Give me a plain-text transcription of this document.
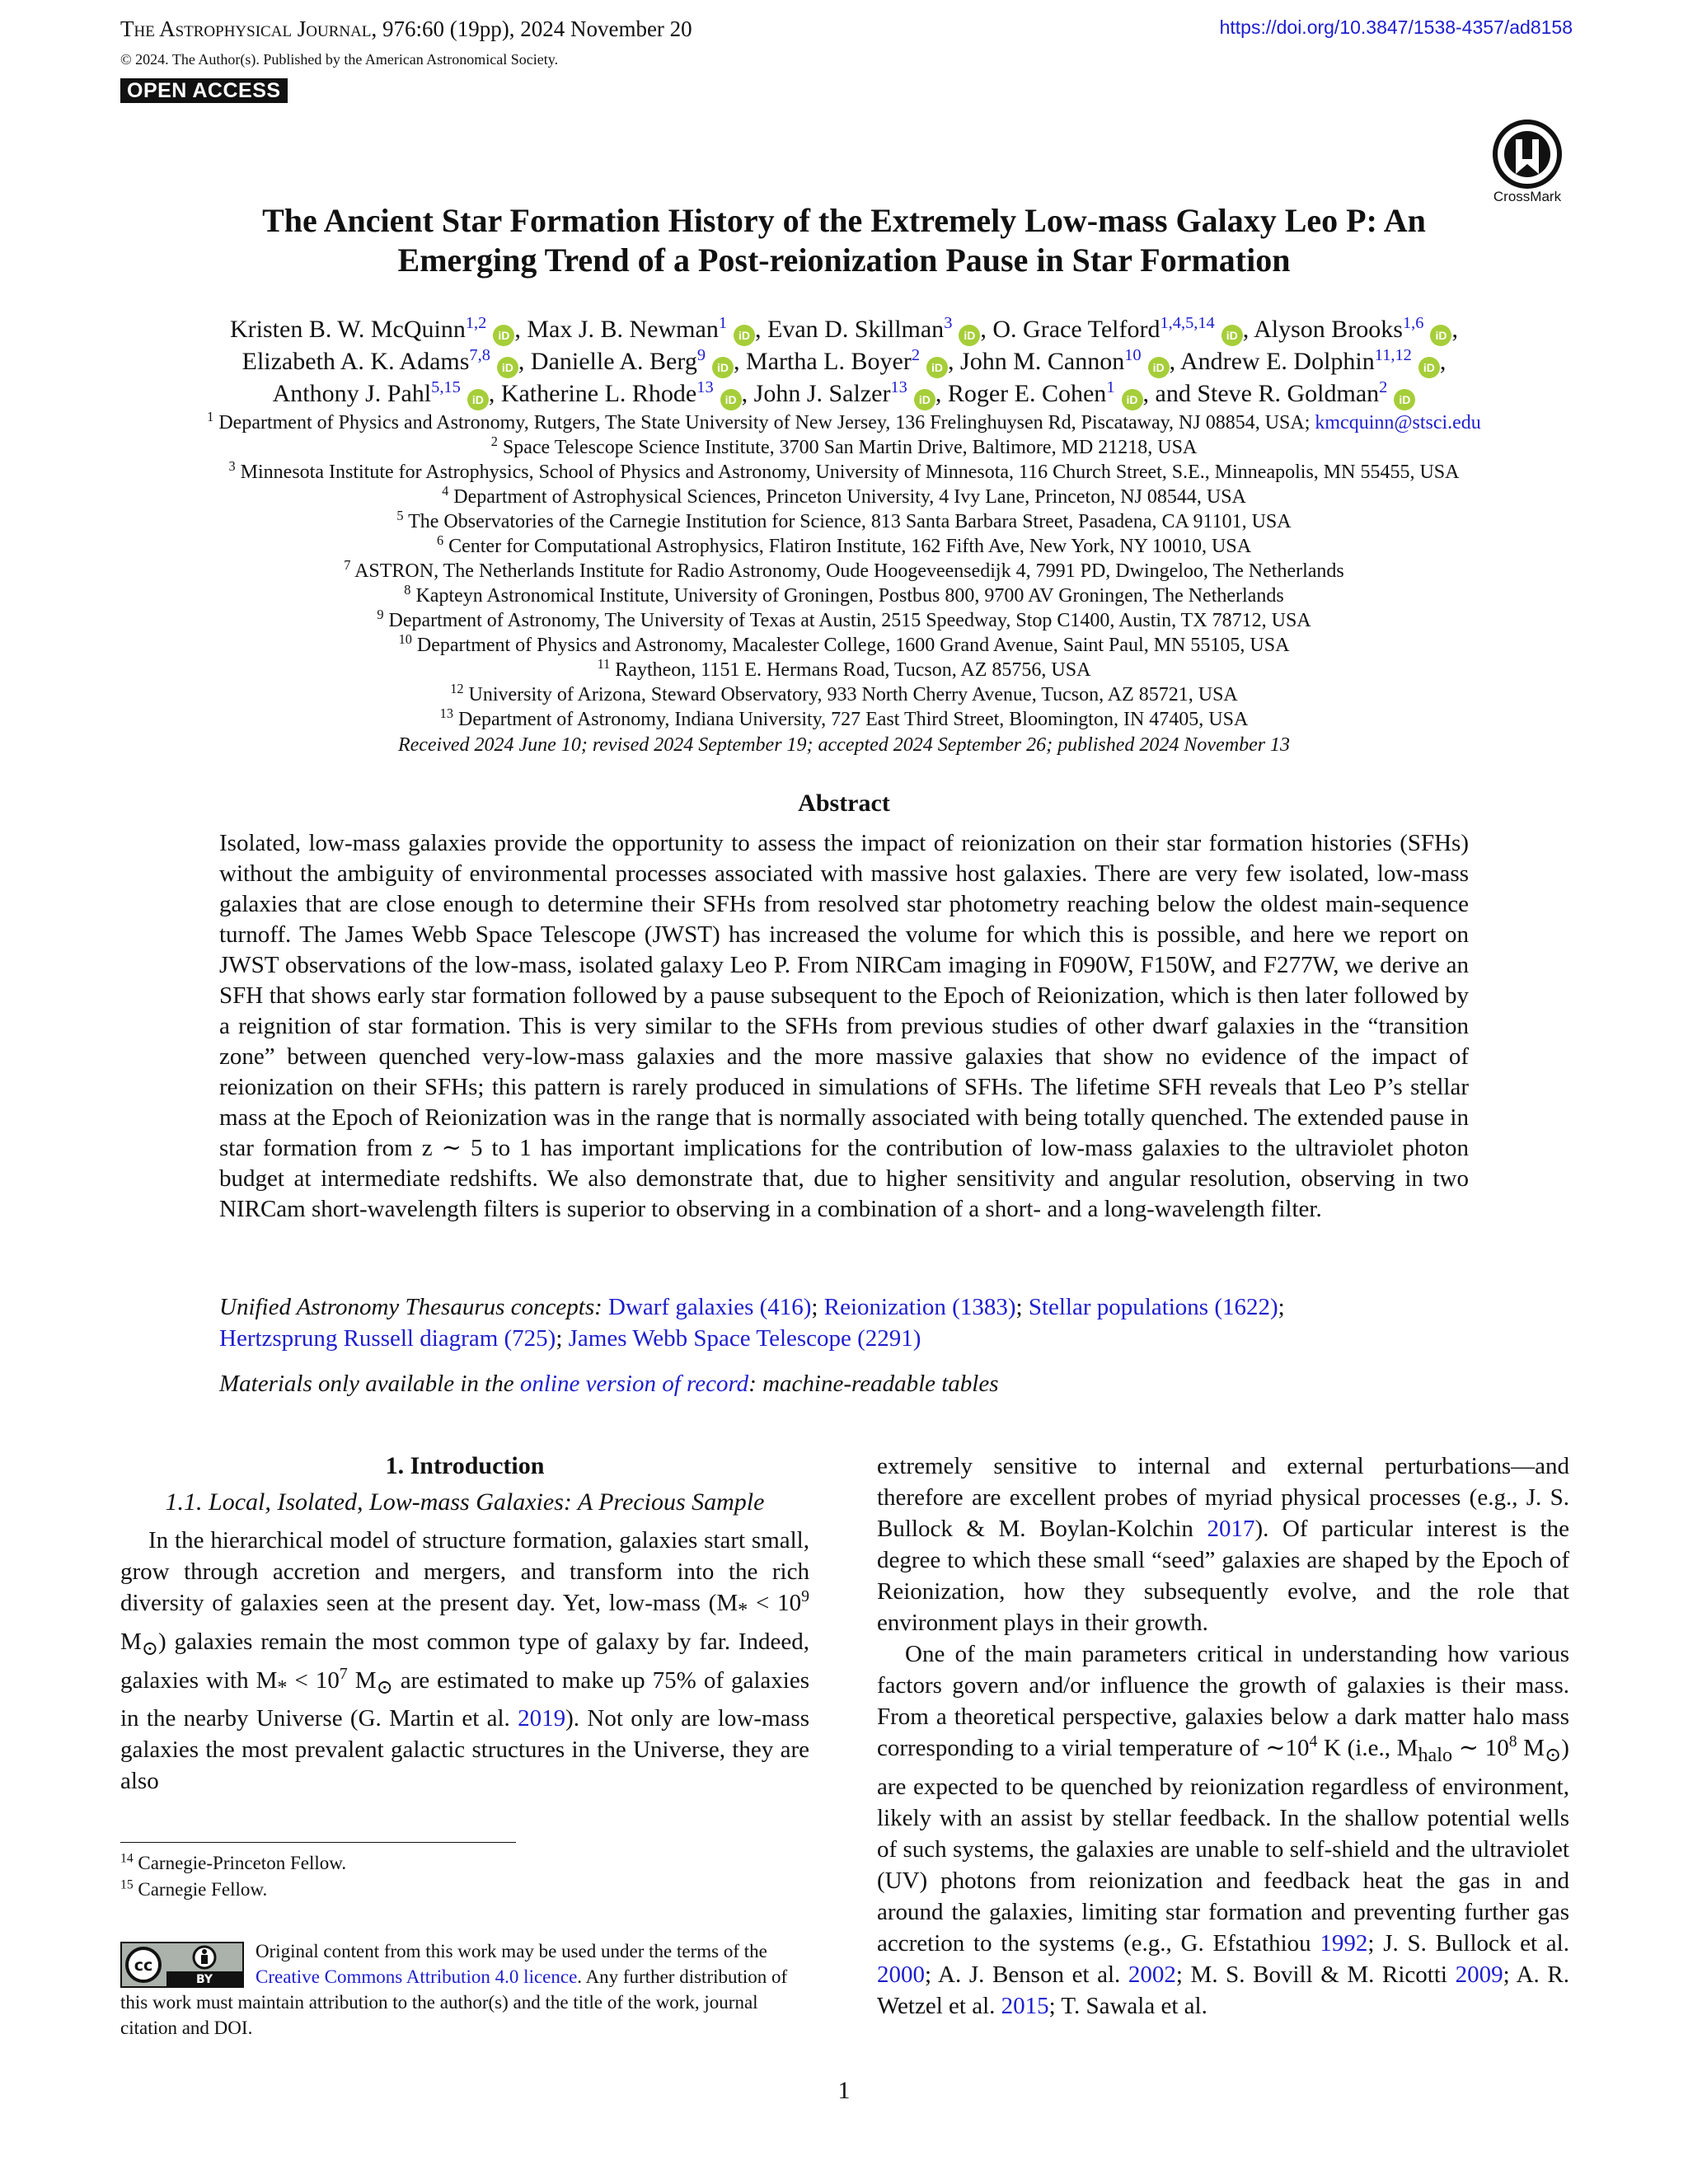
The Astrophysical Journal, 976:60 (19pp), 2024 November 20	https://doi.org/10.3847/1538-4357/ad8158
© 2024. The Author(s). Published by the American Astronomical Society.
OPEN ACCESS
CrossMark
The Ancient Star Formation History of the Extremely Low-mass Galaxy Leo P: An
Emerging Trend of a Post-reionization Pause in Star Formation
Kristen B. W. McQuinn$^{1,2}$iD , Max J. B. Newman$^1$iD , Evan D. Skillman$^3$iD , O. Grace Telford$^{1,4,5,14}$iD , Alyson Brooks$^{1,6}$iD ,
Elizabeth A. K. Adams$^{7,8}$iD , Danielle A. Berg$^9$iD , Martha L. Boyer$^2$iD , John M. Cannon$^{10}$iD , Andrew E. Dolphin$^{11,12}$iD ,
Anthony J. Pahl$^{5,15}$iD , Katherine L. Rhode$^{13}$iD , John J. Salzer$^{13}$iD , Roger E. Cohen$^1$iD , and Steve R. Goldman$^2$iD
$^1$ Department of Physics and Astronomy, Rutgers, The State University of New Jersey, 136 Frelinghuysen Rd, Piscataway, NJ 08854, USA; kmcquinn@stsci.edu
$^2$ Space Telescope Science Institute, 3700 San Martin Drive, Baltimore, MD 21218, USA
$^3$ Minnesota Institute for Astrophysics, School of Physics and Astronomy, University of Minnesota, 116 Church Street, S.E., Minneapolis, MN 55455, USA
$^4$ Department of Astrophysical Sciences, Princeton University, 4 Ivy Lane, Princeton, NJ 08544, USA
$^5$ The Observatories of the Carnegie Institution for Science, 813 Santa Barbara Street, Pasadena, CA 91101, USA
$^6$ Center for Computational Astrophysics, Flatiron Institute, 162 Fifth Ave, New York, NY 10010, USA
$^7$ ASTRON, The Netherlands Institute for Radio Astronomy, Oude Hoogeveensedijk 4, 7991 PD, Dwingeloo, The Netherlands
$^8$ Kapteyn Astronomical Institute, University of Groningen, Postbus 800, 9700 AV Groningen, The Netherlands
$^9$ Department of Astronomy, The University of Texas at Austin, 2515 Speedway, Stop C1400, Austin, TX 78712, USA
$^{10}$ Department of Physics and Astronomy, Macalester College, 1600 Grand Avenue, Saint Paul, MN 55105, USA
$^{11}$ Raytheon, 1151 E. Hermans Road, Tucson, AZ 85756, USA
$^{12}$ University of Arizona, Steward Observatory, 933 North Cherry Avenue, Tucson, AZ 85721, USA
$^{13}$ Department of Astronomy, Indiana University, 727 East Third Street, Bloomington, IN 47405, USA
Received 2024 June 10; revised 2024 September 19; accepted 2024 September 26; published 2024 November 13
Abstract
Isolated, low-mass galaxies provide the opportunity to assess the impact of reionization on their star formation histories (SFHs) without the ambiguity of environmental processes associated with massive host galaxies. There are very few isolated, low-mass galaxies that are close enough to determine their SFHs from resolved star photometry reaching below the oldest main-sequence turnoff. The James Webb Space Telescope (JWST) has increased the volume for which this is possible, and here we report on JWST observations of the low-mass, isolated galaxy Leo P. From NIRCam imaging in F090W, F150W, and F277W, we derive an SFH that shows early star formation followed by a pause subsequent to the Epoch of Reionization, which is then later followed by a reignition of star formation. This is very similar to the SFHs from previous studies of other dwarf galaxies in the “transition zone” between quenched very-low-mass galaxies and the more massive galaxies that show no evidence of the impact of reionization on their SFHs; this pattern is rarely produced in simulations of SFHs. The lifetime SFH reveals that Leo P’s stellar mass at the Epoch of Reionization was in the range that is normally associated with being totally quenched. The extended pause in star formation from z ∼ 5 to 1 has important implications for the contribution of low-mass galaxies to the ultraviolet photon budget at intermediate redshifts. We also demonstrate that, due to higher sensitivity and angular resolution, observing in two NIRCam short-wavelength filters is superior to observing in a combination of a short- and a long-wavelength filter.
Unified Astronomy Thesaurus concepts: Dwarf galaxies (416); Reionization (1383); Stellar populations (1622);
Hertzsprung Russell diagram (725); James Webb Space Telescope (2291)
Materials only available in the online version of record: machine-readable tables
1. Introduction
1.1. Local, Isolated, Low-mass Galaxies: A Precious Sample

In the hierarchical model of structure formation, galaxies start small, grow through accretion and mergers, and transform into the rich diversity of galaxies seen at the present day. Yet, low-mass ($M_* < 10^9$ $M_⊙$) galaxies remain the most common type of galaxy by far. Indeed, galaxies with $M_* < 10^7$ $M_⊙$ are estimated to make up 75% of galaxies in the nearby Universe (G. Martin et al. 2019). Not only are low-mass galaxies the most prevalent galactic structures in the Universe, they are also

$^{14}$ Carnegie-Princeton Fellow.
$^{15}$ Carnegie Fellow.
cc
BY
Original content from this work may be used under the terms of the Creative Commons Attribution 4.0 licence. Any further distribution of this work must maintain attribution to the author(s) and the title of the work, journal citation and DOI.

extremely sensitive to internal and external perturbations—and therefore are excellent probes of myriad physical processes (e.g., J. S. Bullock & M. Boylan-Kolchin 2017). Of particular interest is the degree to which these small “seed” galaxies are shaped by the Epoch of Reionization, how they subsequently evolve, and the role that environment plays in their growth.

One of the main parameters critical in understanding how various factors govern and/or influence the growth of galaxies is their mass. From a theoretical perspective, galaxies below a dark matter halo mass corresponding to a virial temperature of $\sim 10^4$ K (i.e., $M_{halo}$ ∼ $10^8$ $M_⊙$) are expected to be quenched by reionization regardless of environment, likely with an assist by stellar feedback. In the shallow potential wells of such systems, the galaxies are unable to self-shield and the ultraviolet (UV) photons from reionization and feedback heat the gas in and around the galaxies, limiting star formation and preventing further gas accretion to the systems (e.g., G. Efstathiou 1992; J. S. Bullock et al. 2000; A. J. Benson et al. 2002; M. S. Bovill & M. Ricotti 2009; A. R. Wetzel et al. 2015; T. Sawala et al.

1
